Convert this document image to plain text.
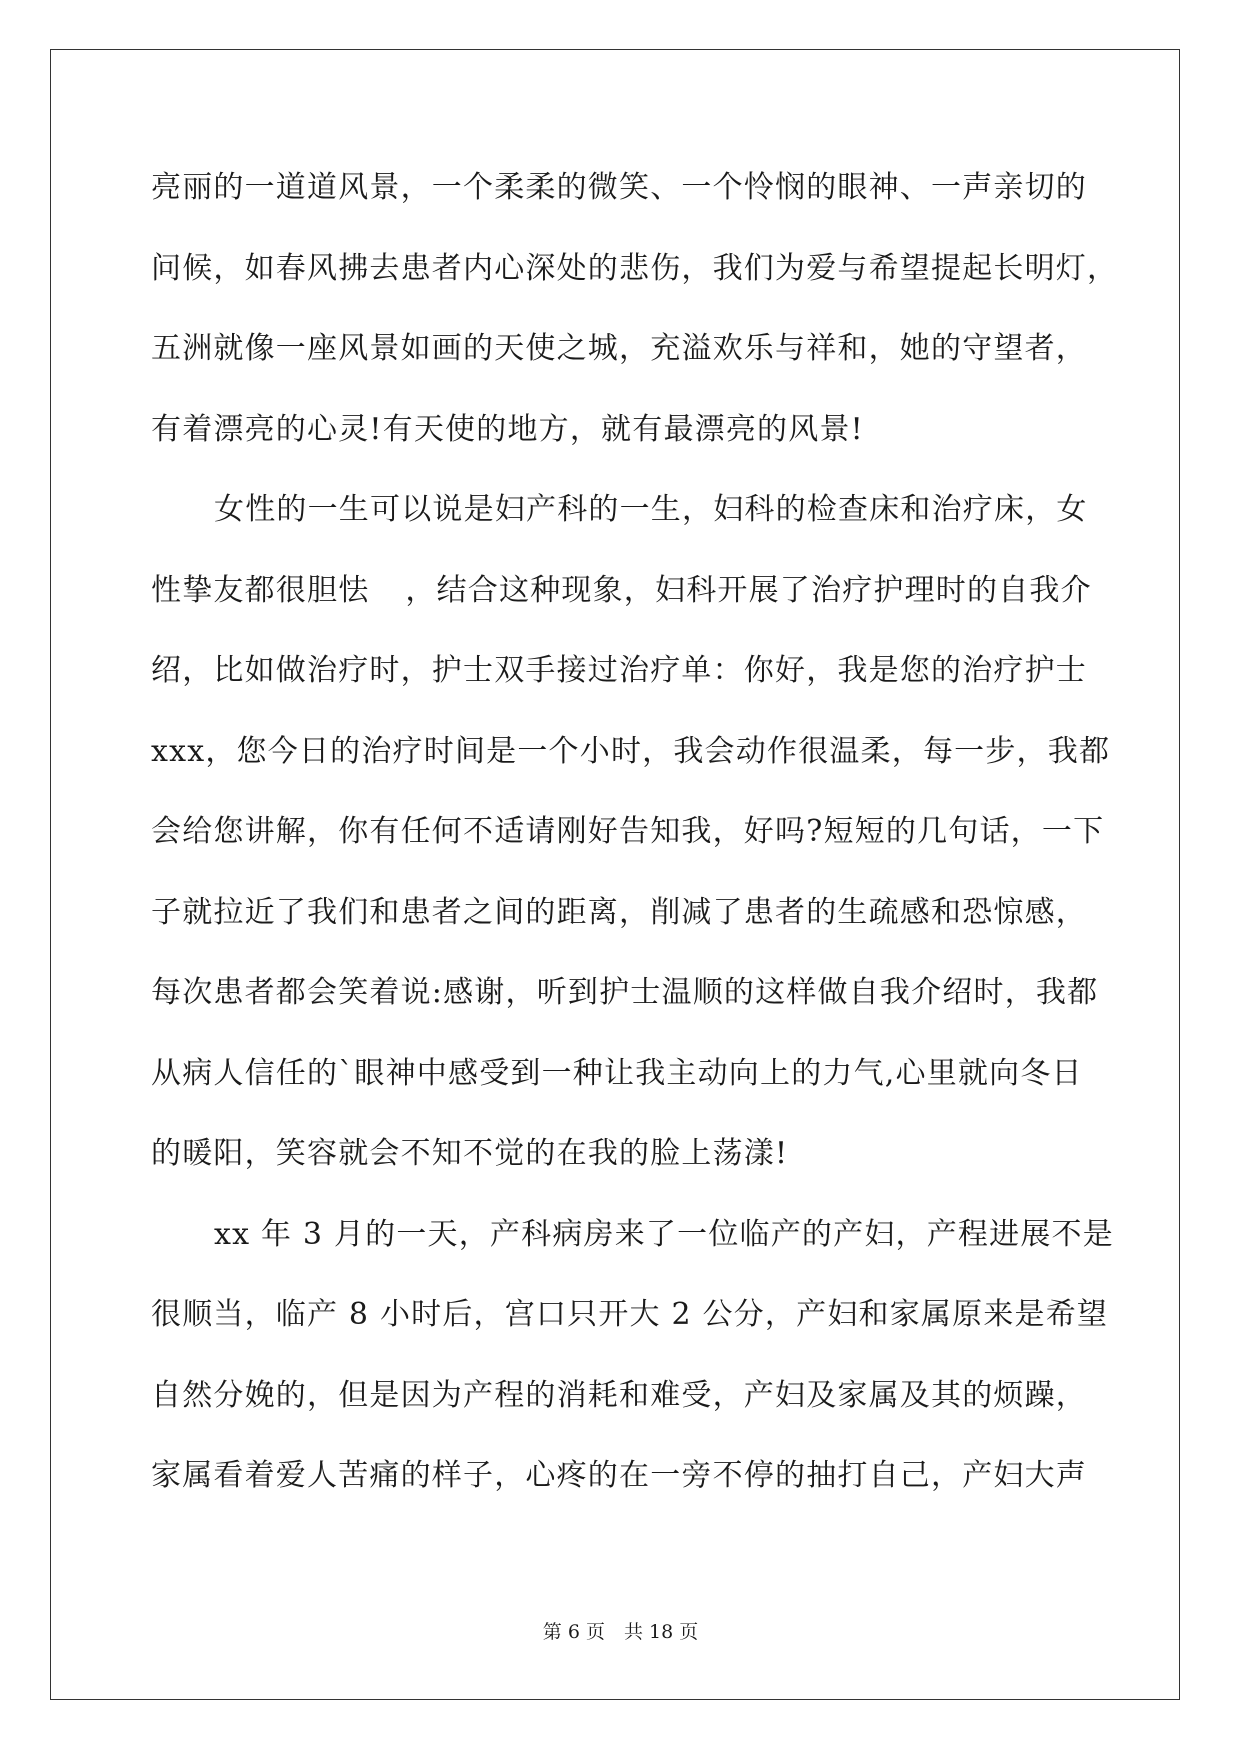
亮丽的一道道风景，一个柔柔的微笑、一个怜悯的眼神、一声亲切的
问候，如春风拂去患者内心深处的悲伤，我们为爱与希望提起长明灯，
五洲就像一座风景如画的天使之城，充溢欢乐与祥和，她的守望者，
有着漂亮的心灵!有天使的地方，就有最漂亮的风景!
女性的一生可以说是妇产科的一生，妇科的检查床和治疗床，女
性挚友都很胆怯 ，结合这种现象，妇科开展了治疗护理时的自我介
绍，比如做治疗时，护士双手接过治疗单：你好，我是您的治疗护士
xxx，您今日的治疗时间是一个小时，我会动作很温柔，每一步，我都
会给您讲解，你有任何不适请刚好告知我，好吗?短短的几句话，一下
子就拉近了我们和患者之间的距离，削减了患者的生疏感和恐惊感，
每次患者都会笑着说:感谢，听到护士温顺的这样做自我介绍时，我都
从病人信任的`眼神中感受到一种让我主动向上的力气,心里就向冬日
的暖阳，笑容就会不知不觉的在我的脸上荡漾!
xx 年 3 月的一天，产科病房来了一位临产的产妇，产程进展不是
很顺当，临产 8 小时后，宫口只开大 2 公分，产妇和家属原来是希望
自然分娩的，但是因为产程的消耗和难受，产妇及家属及其的烦躁，
家属看着爱人苦痛的样子，心疼的在一旁不停的抽打自己，产妇大声
第 6 页　共 18 页
